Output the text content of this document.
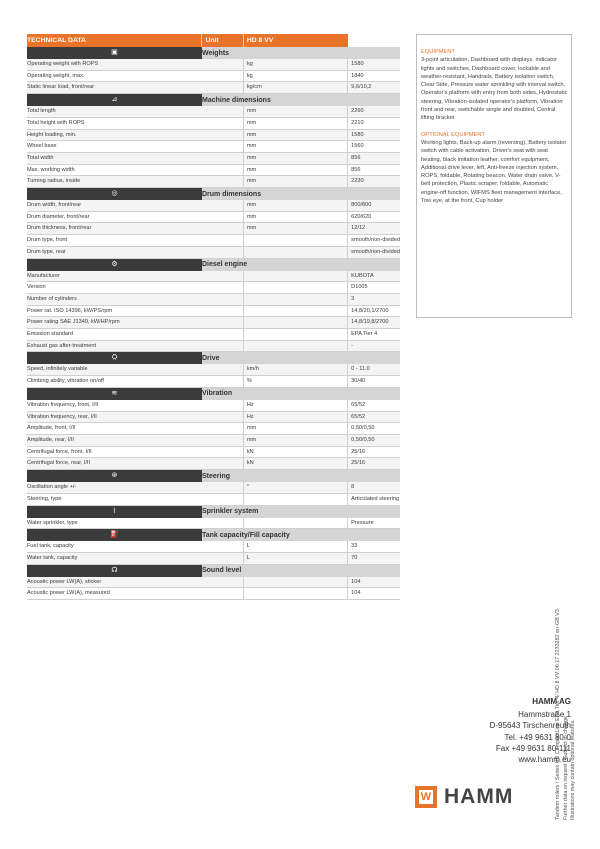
TECHNICAL DATA	Unit	HD 8 VV	
▣	Weights		
Operating weight with ROPS		kg	1580
Operating weight, max.		kg	1840
Static linear load, front/rear		kg/cm	9,6/10,2
⊿	Machine dimensions		
Total length		mm	2260
Total height with ROPS		mm	2210
Height loading, min.		mm	1580
Wheel base		mm	1560
Total width		mm	856
Max. working width		mm	856
Turning radius, inside		mm	2230
◎	Drum dimensions		
Drum width, front/rear		mm	800/800
Drum diameter, front/rear		mm	620/620
Drum thickness, front/rear		mm	12/12
Drum type, front			smooth/non-divided
Drum type, rear			smooth/non-divided
⚙	Diesel engine		
Manufacturer			KUBOTA
Version			D1005
Number of cylinders			3
Power rat. ISO 14396, kW/PS/rpm			14,8/20,1/2700
Power rating SAE J1349, kW/HP/rpm			14,8/19,8/2700
Emission standard			EPA Tier 4
Exhaust gas after-treatment			-
⛭	Drive		
Speed, infinitely variable		km/h	0 - 11.0
Climbing ability, vibration on/off		%	30/40
≋	Vibration		
Vibration frequency, front, I/II		Hz	65/52
Vibration frequency, rear, I/II		Hz	65/52
Amplitude, front, I/II		mm	0,50/0,50
Amplitude, rear, I/II		mm	0,50/0,50
Centrifugal force, front, I/II		kN	25/16
Centrifugal force, rear, I/II		kN	25/16
⊛	Steering		
Oscillation angle +/-		°	8
Steering, type			Articulated steering
⌇	Sprinkler system		
Water sprinkler, type			Pressure
⛽	Tank capacity/Fill capacity		
Fuel tank, capacity		L	33
Water tank, capacity		L	70
☊	Sound level		
Acoustic power LW(A), sticker			104
Acoustic power LW(A), measured			104
EQUIPMENT
3-point articulation, Dashboard with displays, indicator lights and switches, Dashboard cover, lockable and weather-resistant, Handrails, Battery isolation switch, Clear Side, Pressure water sprinkling with interval switch, Operator's platform with entry from both sides, Hydrostatic steering, Vibration-isolated operator's platform, Vibration front and rear, switchable single and doubled, Central lifting bracket
OPTIONAL EQUIPMENT
Working lights, Back-up alarm (reversing), Battery isolator switch with cable activation, Driver's seat with seat heating, black imitation leather, comfort equipment, Additional drive lever, left, Anti-freeze injection system, ROPS, foldable, Rotating beacon, Water drain valve, V-belt protection, Plastic scraper, foldable, Automatic engine-off function, WIFMS fleet management interface, Tow eye, at the front, Cup holder
HAMM AG
Hammstraße 1
D-95643 Tirschenreuth
Tel. +49 9631 80-0
Fax +49 9631 80-111
www.hamm.eu
W HAMM	Tandem rollers / Series HD CompactLine EPA Tier 4/ HD 8 VV 06.17 2233282 en-GB V3 Further data on request / Subject to change Illustrations may contain optional features.
